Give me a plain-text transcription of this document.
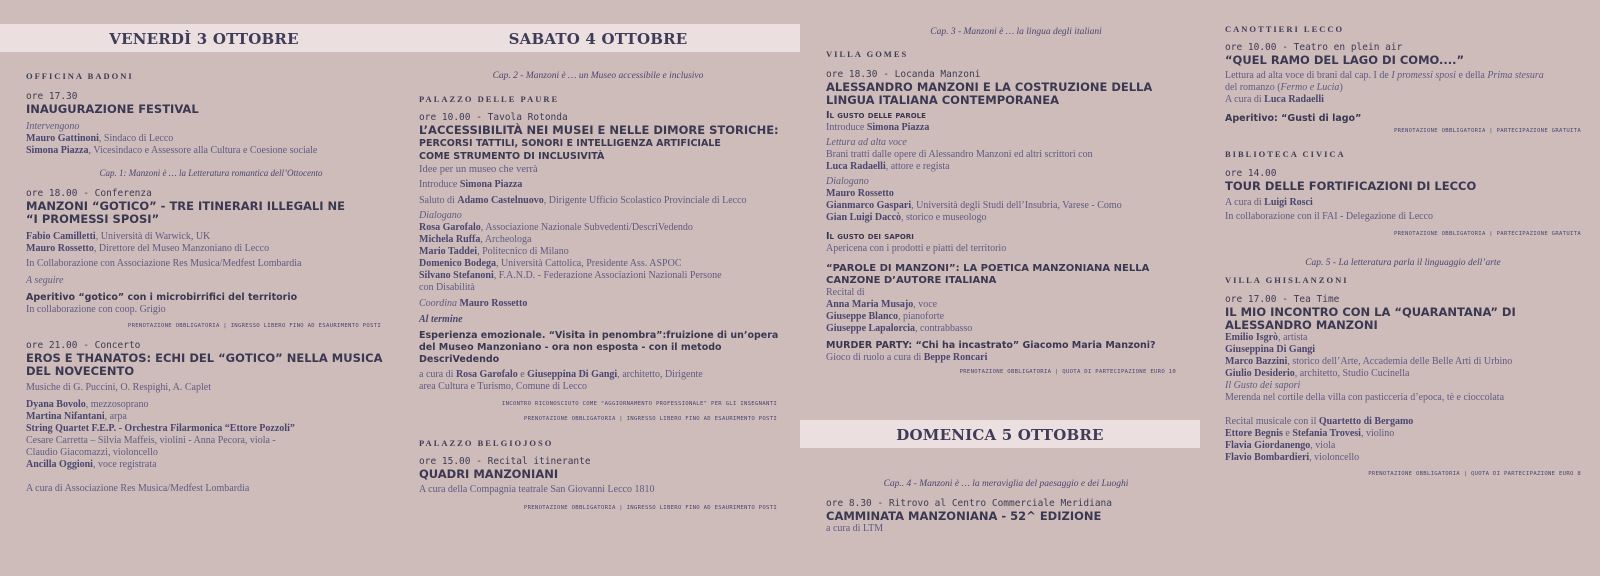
VENERDÌ 3 OTTOBRE	SABATO 4 OTTOBRE
DOMENICA 5 OTTOBRE
OFFICINA BADONI
ore 17.30
INAUGURAZIONE FESTIVAL
Intervengono
Mauro Gattinoni, Sindaco di Lecco
Simona Piazza, Vicesindaco e Assessore alla Cultura e Coesione sociale
Cap. 1: Manzoni è … la Letteratura romantica dell’Ottocento
ore 18.00 - Conferenza
MANZONI “GOTICO” - TRE ITINERARI ILLEGALI NE
“I PROMESSI SPOSI”
Fabio Camilletti, Università di Warwick, UK
Mauro Rossetto, Direttore del Museo Manzoniano di Lecco
In Collaborazione con Associazione Res Musica/Medfest Lombardia
A seguire
Aperitivo “gotico” con i microbirrifici del territorio
In collaborazione con coop. Grigio
PRENOTAZIONE OBBLIGATORIA | INGRESSO LIBERO FINO AD ESAURIMENTO POSTI
ore 21.00 - Concerto
EROS E THANATOS: ECHI DEL “GOTICO” NELLA MUSICA
DEL NOVECENTO
Musiche di G. Puccini, O. Respighi, A. Caplet
Dyana Bovolo, mezzosoprano
Martina Nifantani, arpa
String Quartet F.E.P. - Orchestra Filarmonica “Ettore Pozzoli”
Cesare Carretta – Silvia Maffeis, violini - Anna Pecora, viola -
Claudio Giacomazzi, violoncello
Ancilla Oggioni, voce registrata
A cura di Associazione Res Musica/Medfest Lombardia
Cap. 2 - Manzoni è … un Museo accessibile e inclusivo
PALAZZO DELLE PAURE
ore 10.00 - Tavola Rotonda
L’ACCESSIBILITÀ NEI MUSEI E NELLE DIMORE STORICHE:
PERCORSI TATTILI, SONORI E INTELLIGENZA ARTIFICIALE
COME STRUMENTO DI INCLUSIVITÀ
Idee per un museo che verrà
Introduce Simona Piazza
Saluto di Adamo Castelnuovo, Dirigente Ufficio Scolastico Provinciale di Lecco
Dialogano
Rosa Garofalo, Associazione Nazionale Subvedenti/DescriVedendo
Michela Ruffa, Archeologa
Mario Taddei, Politecnico di Milano
Domenico Bodega, Università Cattolica, Presidente Ass. ASPOC
Silvano Stefanoni, F.A.N.D. - Federazione Associazioni Nazionali Persone
con Disabilità
Coordina Mauro Rossetto
Al termine
Esperienza emozionale. “Visita in penombra”:fruizione di un’opera
del Museo Manzoniano - ora non esposta - con il metodo
DescriVedendo
a cura di Rosa Garofalo e Giuseppina Di Gangi, architetto, Dirigente
area Cultura e Turismo, Comune di Lecco
INCONTRO RICONOSCIUTO COME "AGGIORNAMENTO PROFESSIONALE" PER GLI INSEGNANTI
PRENOTAZIONE OBBLIGATORIA | INGRESSO LIBERO FINO AD ESAURIMENTO POSTI
PALAZZO BELGIOJOSO
ore 15.00 - Recital itinerante
QUADRI MANZONIANI
A cura della Compagnia teatrale San Giovanni Lecco 1810
PRENOTAZIONE OBBLIGATORIA | INGRESSO LIBERO FINO AD ESAURIMENTO POSTI
Cap. 3 - Manzoni è … la lingua degli italiani
VILLA GOMES
ore 18.30 - Locanda Manzoni
ALESSANDRO MANZONI E LA COSTRUZIONE DELLA
LINGUA ITALIANA CONTEMPORANEA
Il gusto delle parole
Introduce Simona Piazza
Lettura ad alta voce
Brani tratti dalle opere di Alessandro Manzoni ed altri scrittori con
Luca Radaelli, attore e regista
Dialogano
Mauro Rossetto
Gianmarco Gaspari, Università degli Studi dell’Insubria, Varese - Como
Gian Luigi Daccò, storico e museologo
Il gusto dei sapori
Apericena con i prodotti e piatti del territorio
“PAROLE DI MANZONI”: LA POETICA MANZONIANA NELLA
CANZONE D’AUTORE ITALIANA
Recital di
Anna Maria Musajo, voce
Giuseppe Blanco, pianoforte
Giuseppe Lapalorcia, contrabbasso
MURDER PARTY: “Chi ha incastrato” Giacomo Maria Manzoni?
Gioco di ruolo a cura di Beppe Roncari
PRENOTAZIONE OBBLIGATORIA | QUOTA DI PARTECIPAZIONE EURO 10
Cap.. 4 - Manzoni è … la meraviglia del paesaggio e dei Luoghi
ore 8.30 - Ritrovo al Centro Commerciale Meridiana
CAMMINATA MANZONIANA - 52^ EDIZIONE
a cura di LTM
CANOTTIERI LECCO
ore 10.00 - Teatro en plein air
“QUEL RAMO DEL LAGO DI COMO....”
Lettura ad alta voce di brani dal cap. I de I promessi sposi e della Prima stesura
del romanzo (Fermo e Lucia)
A cura di Luca Radaelli
Aperitivo: “Gusti di lago”
PRENOTAZIONE OBBLIGATORIA | PARTECIPAZIONE GRATUITA
BIBLIOTECA CIVICA
ore 14.00
TOUR DELLE FORTIFICAZIONI DI LECCO
A cura di Luigi Rosci
In collaborazione con il FAI - Delegazione di Lecco
PRENOTAZIONE OBBLIGATORIA | PARTECIPAZIONE GRATUITA
Cap. 5 - La letteratura parla il linguaggio dell’arte
VILLA GHISLANZONI
ore 17.00 - Tea Time
IL MIO INCONTRO CON LA “QUARANTANA” DI
ALESSANDRO MANZONI
Emilio Isgrò, artista
Giuseppina Di Gangi
Marco Bazzini, storico dell’Arte, Accademia delle Belle Arti di Urbino
Giulio Desiderio, architetto, Studio Cucinella
Il Gusto dei sapori
Merenda nel cortile della villa con pasticceria d’epoca, tè e cioccolata
Recital musicale con il Quartetto di Bergamo
Ettore Begnis e Stefania Trovesi, violino
Flavia Giordanengo, viola
Flavio Bombardieri, violoncello
PRENOTAZIONE OBBLIGATORIA | QUOTA DI PARTECIPAZIONE EURO 8
